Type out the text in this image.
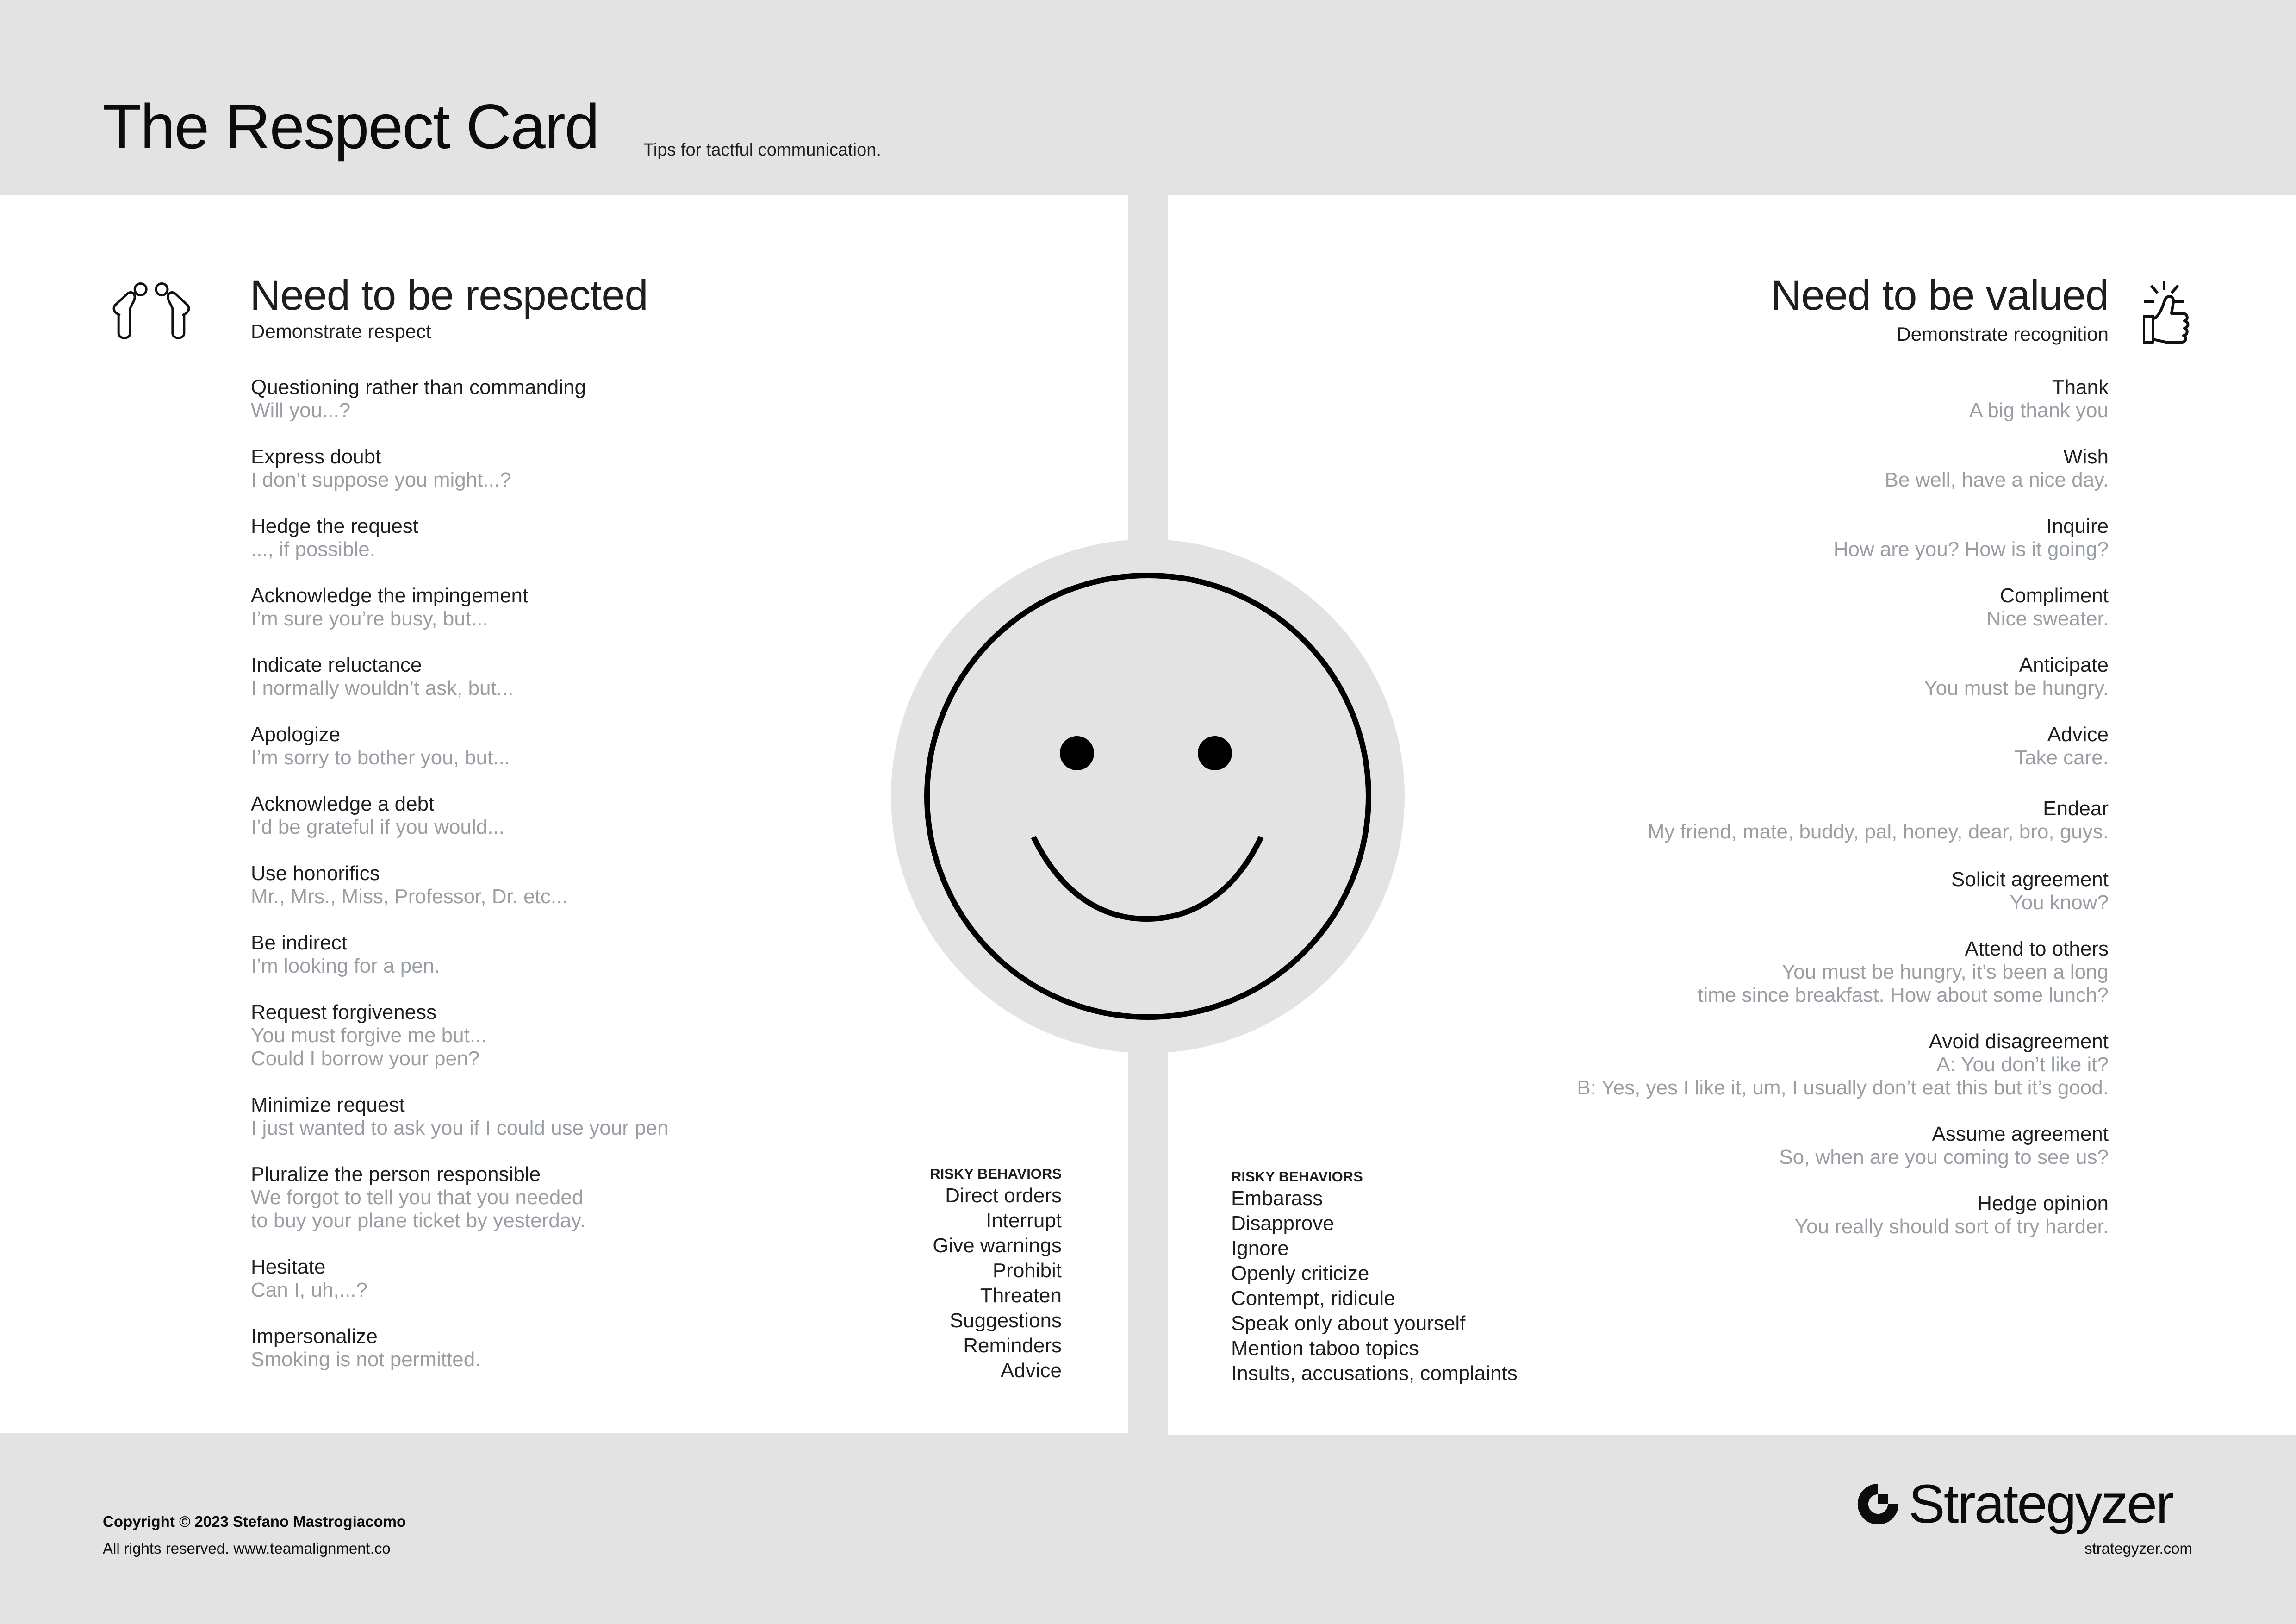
The Respect Card	Tips for tactful communication.
Need to be respected
Demonstrate respect
Questioning rather than commanding
Will you...?
Express doubt
I don’t suppose you might...?
Hedge the request
..., if possible.
Acknowledge the impingement
I’m sure you’re busy, but...
Indicate reluctance
I normally wouldn’t ask, but...
Apologize
I’m sorry to bother you, but...
Acknowledge a debt
I’d be grateful if you would...
Use honorifics
Mr., Mrs., Miss, Professor, Dr. etc...
Be indirect
I’m looking for a pen.
Request forgiveness
You must forgive me but...
Could I borrow your pen?
Minimize request
I just wanted to ask you if I could use your pen
Pluralize the person responsible
We forgot to tell you that you needed
to buy your plane ticket by yesterday.
Hesitate
Can I, uh,...?
Impersonalize
Smoking is not permitted.
RISKY BEHAVIORS
Direct orders
Interrupt
Give warnings
Prohibit
Threaten
Suggestions
Reminders
Advice
Need to be valued
Demonstrate recognition
Thank
A big thank you
Wish
Be well, have a nice day.
Inquire
How are you? How is it going?
Compliment
Nice sweater.
Anticipate
You must be hungry.
Advice
Take care.
Endear
My friend, mate, buddy, pal, honey, dear, bro, guys.
Solicit agreement
You know?
Attend to others
You must be hungry, it’s been a long
time since breakfast. How about some lunch?
Avoid disagreement
A: You don’t like it?
B: Yes, yes I like it, um, I usually don’t eat this but it’s good.
Assume agreement
So, when are you coming to see us?
Hedge opinion
You really should sort of try harder.
RISKY BEHAVIORS
Embarass
Disapprove
Ignore
Openly criticize
Contempt, ridicule
Speak only about yourself
Mention taboo topics
Insults, accusations, complaints
Copyright © 2023 Stefano Mastrogiacomo
All rights reserved. www.teamalignment.co
Strategyzer
strategyzer.com
